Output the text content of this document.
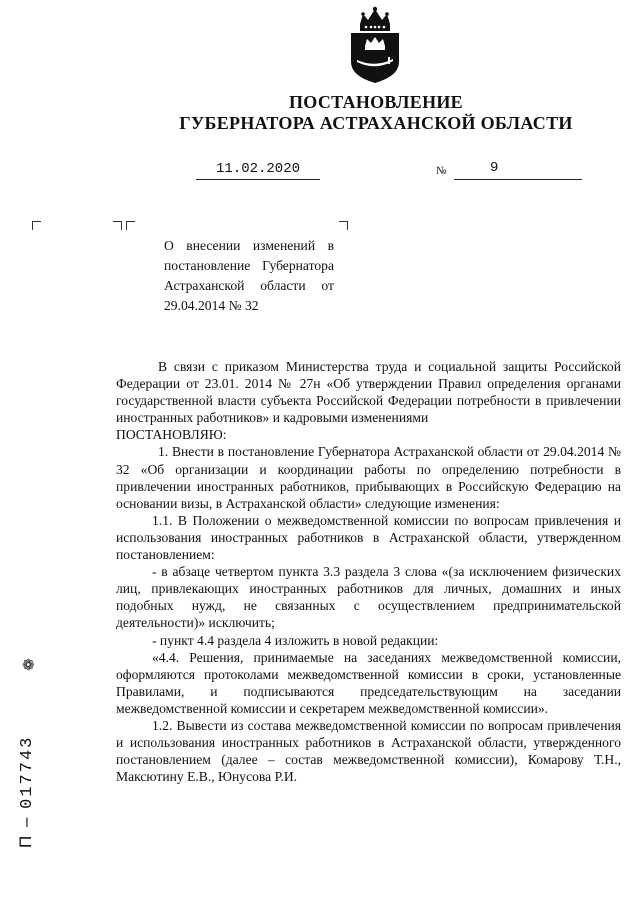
ПОСТАНОВЛЕНИЕ
ГУБЕРНАТОРА АСТРАХАНСКОЙ ОБЛАСТИ
11.02.2020	№	9
О внесении изменений в постановление Губернатора Астраханской области от 29.04.2014 № 32

В связи с приказом Министерства труда и социальной защиты Российской Федерации от 23.01. 2014 № 27н «Об утверждении Правил определения органами государственной власти субъекта Российской Федерации потребности в привлечении иностранных работников» и кадровыми изменениями

ПОСТАНОВЛЯЮ:

1. Внести в постановление Губернатора Астраханской области от 29.04.2014 № 32 «Об организации и координации работы по определению потребности в привлечении иностранных работников, прибывающих в Российскую Федерацию на основании визы, в Астраханской области» следующие изменения:

1.1. В Положении о межведомственной комиссии по вопросам привлечения и использования иностранных работников в Астраханской области, утвержденном постановлением:

- в абзаце четвертом пункта 3.3 раздела 3 слова «(за исключением физических лиц, привлекающих иностранных работников для личных, домашних и иных подобных нужд, не связанных с осуществлением предпринимательской деятельности)» исключить;

- пункт 4.4 раздела 4 изложить в новой редакции:

«4.4. Решения, принимаемые на заседаниях межведомственной комиссии, оформляются протоколами межведомственной комиссии в сроки, установленные Правилами, и подписываются председательствующим на заседании межведомственной комиссии и секретарем межведомственной комиссии».

1.2. Вывести из состава межведомственной комиссии по вопросам привлечения и использования иностранных работников в Астраханской области, утвержденного постановлением (далее – состав межведомственной комиссии), Комарову Т.Н., Максютину Е.В., Юнусова Р.И.

❁
П – 017743
